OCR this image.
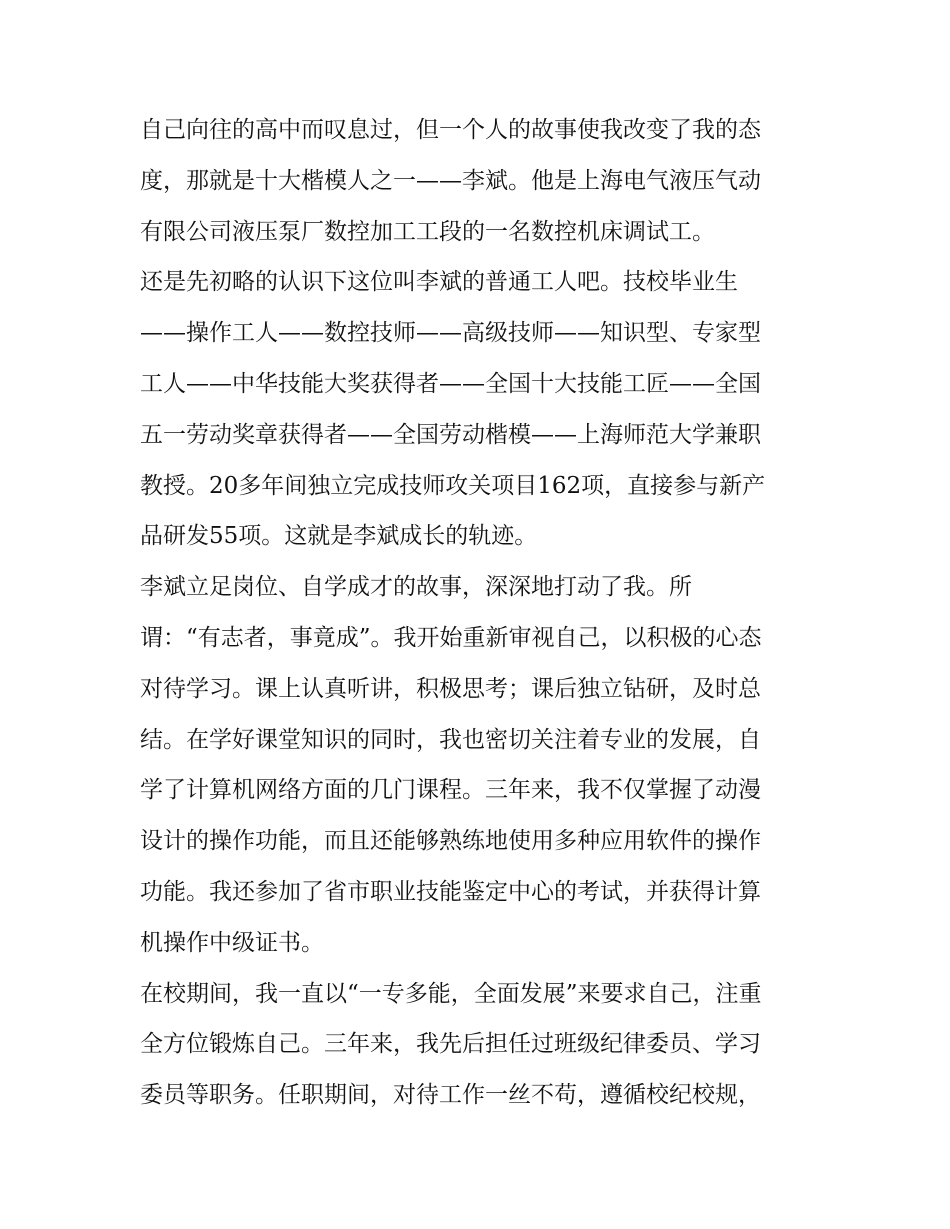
自己向往的高中而叹息过，但一个人的故事使我改变了我的态
度，那就是十大楷模人之一——李斌。他是上海电气液压气动
有限公司液压泵厂数控加工工段的一名数控机床调试工。
还是先初略的认识下这位叫李斌的普通工人吧。技校毕业生
——操作工人——数控技师——高级技师——知识型、专家型
工人——中华技能大奖获得者——全国十大技能工匠——全国
五一劳动奖章获得者——全国劳动楷模——上海师范大学兼职
教授。20多年间独立完成技师攻关项目162项，直接参与新产
品研发55项。这就是李斌成长的轨迹。
李斌立足岗位、自学成才的故事，深深地打动了我。所
谓：“有志者，事竟成”。我开始重新审视自己，以积极的心态
对待学习。课上认真听讲，积极思考；课后独立钻研，及时总
结。在学好课堂知识的同时，我也密切关注着专业的发展，自
学了计算机网络方面的几门课程。三年来，我不仅掌握了动漫
设计的操作功能，而且还能够熟练地使用多种应用软件的操作
功能。我还参加了省市职业技能鉴定中心的考试，并获得计算
机操作中级证书。
在校期间，我一直以“一专多能，全面发展”来要求自己，注重
全方位锻炼自己。三年来，我先后担任过班级纪律委员、学习
委员等职务。任职期间，对待工作一丝不苟，遵循校纪校规，
